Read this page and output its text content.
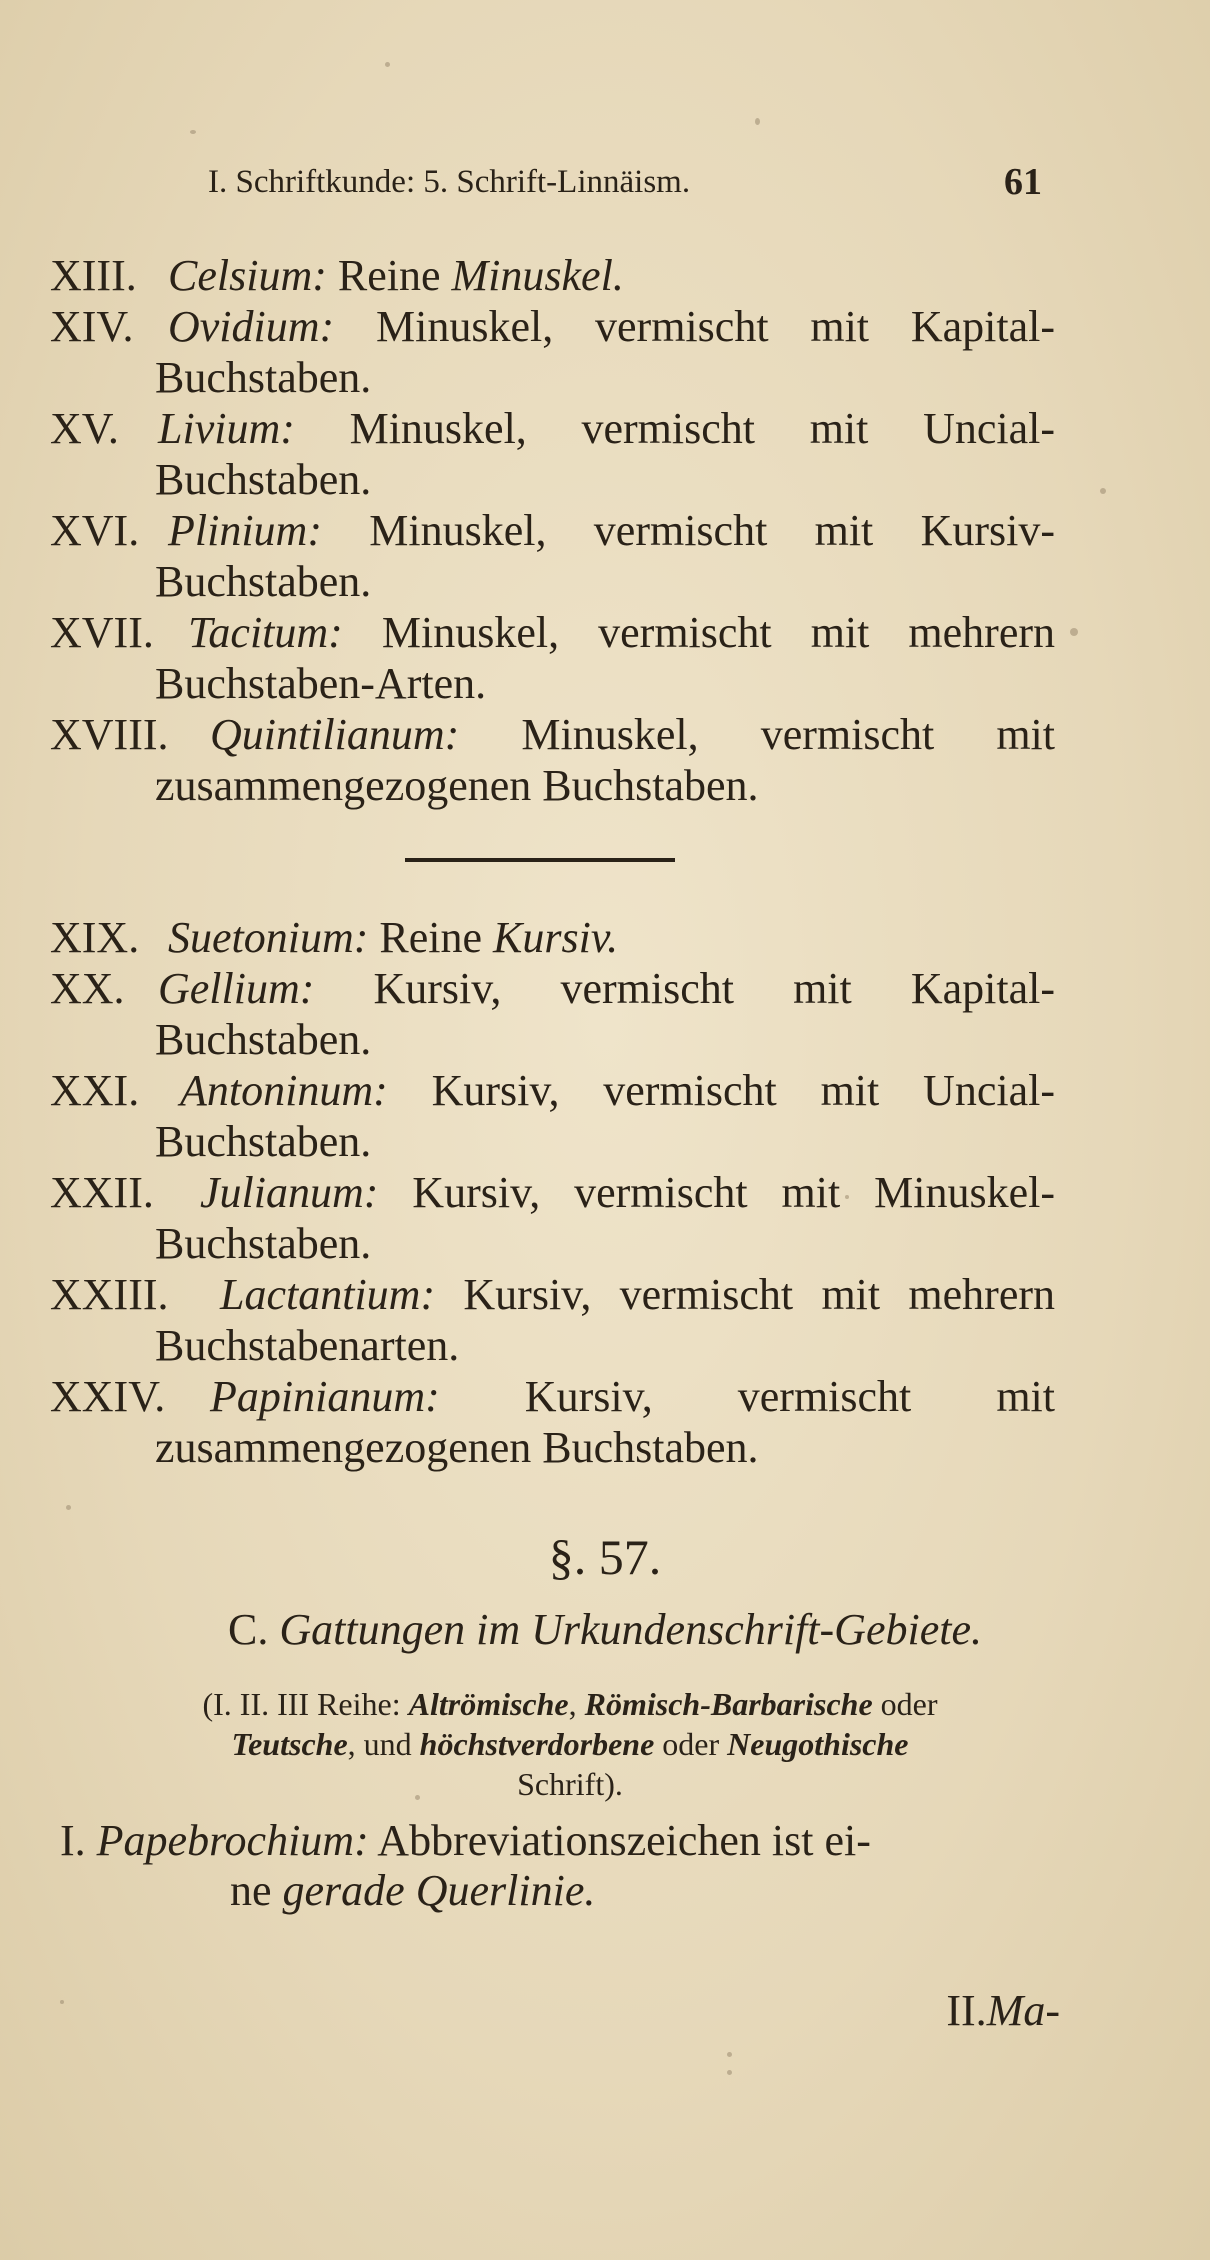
I. Schriftkunde: 5. Schrift-Linnäism.	61
XIII. Celsium: Reine Minuskel.
XIV. Ovidium: Minuskel, vermischt mit Kapital-Buchstaben.
XV. Livium: Minuskel, vermischt mit Uncial-Buchstaben.
XVI. Plinium: Minuskel, vermischt mit Kursiv-Buchstaben.
XVII. Tacitum: Minuskel, vermischt mit mehrern Buchstaben-Arten.
XVIII. Quintilianum: Minuskel, vermischt mit zusammengezogenen Buchstaben.
XIX. Suetonium: Reine Kursiv.
XX. Gellium: Kursiv, vermischt mit Kapital-Buchstaben.
XXI. Antoninum: Kursiv, vermischt mit Uncial-Buchstaben.
XXII.	Julianum: Kursiv, vermischt mit Minuskel-Buchstaben.
XXIII.	Lactantium: Kursiv, vermischt mit mehrern Buchstabenarten.
XXIV.	Papinianum: Kursiv, vermischt mit zusammengezogenen Buchstaben.
§. 57.
C. Gattungen im Urkundenschrift-Gebiete.
(I. II. III Reihe: Altrömische, Römisch-Barbarische oder
Teutsche, und höchstverdorbene oder Neugothische
Schrift).
I. Papebrochium: Abbreviationszeichen ist ei-
ne gerade Querlinie.
II.Ma-
